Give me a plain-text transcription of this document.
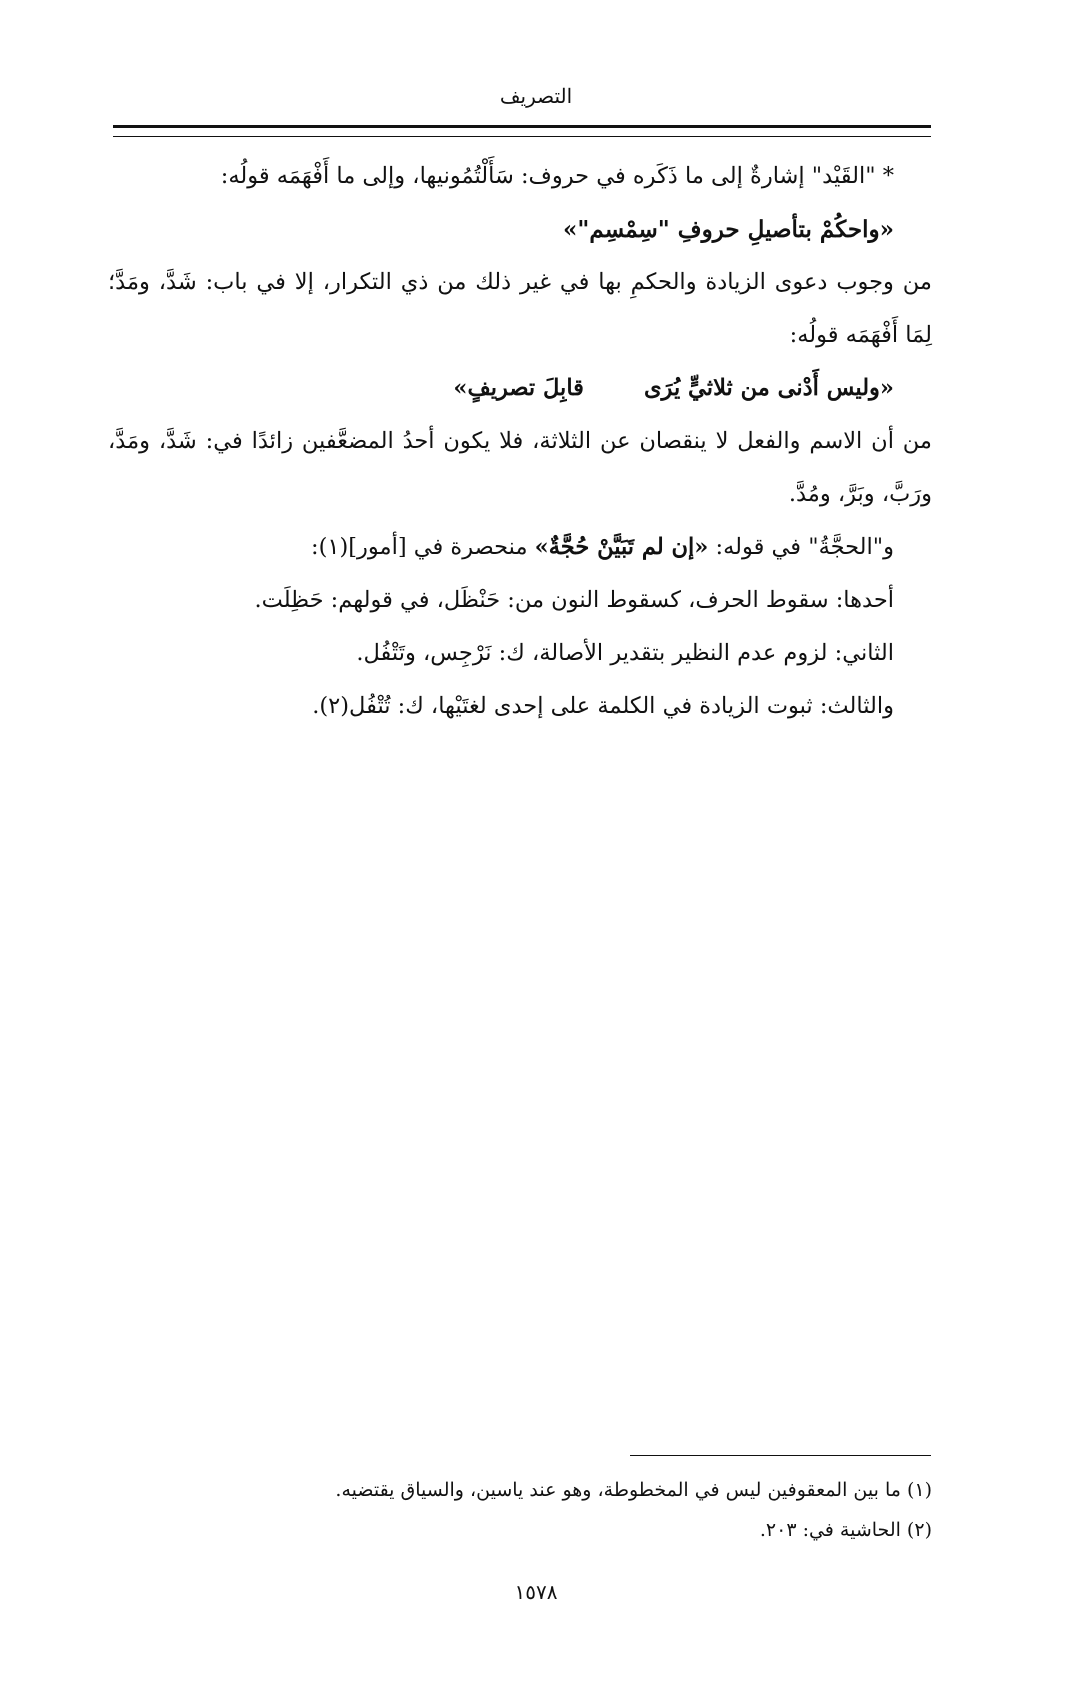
التصريف

* "القَيْد" إشارةٌ إلى ما ذَكَره في حروف: سَأَلْتُمُونيها، وإلى ما أَفْهَمَه قولُه:

«واحكُمْ بتأصيلِ حروفِ "سِمْسِم"»

من وجوب دعوى الزيادة والحكمِ بها في غير ذلك من ذي التكرار، إلا في باب: شَدَّ، ومَدَّ؛ لِمَا أَفْهَمَه قولُه:

«وليس أَدْنى من ثلاثيٍّ يُرَى
قابِلَ تصريفٍ»

من أن الاسم والفعل لا ينقصان عن الثلاثة، فلا يكون أحدُ المضعَّفين زائدًا في: شَدَّ، ومَدَّ، ورَبَّ، وبَرَّ، ومُدَّ.

و"الحجَّةُ" في قوله: «إن لم تَبَيَّنْ حُجَّةٌ» منحصرة في [أمور](١):

أحدها: سقوط الحرف، كسقوط النون من: حَنْظَل، في قولهم: حَظِلَت.

الثاني: لزوم عدم النظير بتقدير الأصالة، ك: نَرْجِس، وتَتْفُل.

والثالث: ثبوت الزيادة في الكلمة على إحدى لغتَيْها، ك: تُتْفُل(٢).

(١) ما بين المعقوفين ليس في المخطوطة، وهو عند ياسين، والسياق يقتضيه.

(٢) الحاشية في: ٢٠٣.

١٥٧٨
